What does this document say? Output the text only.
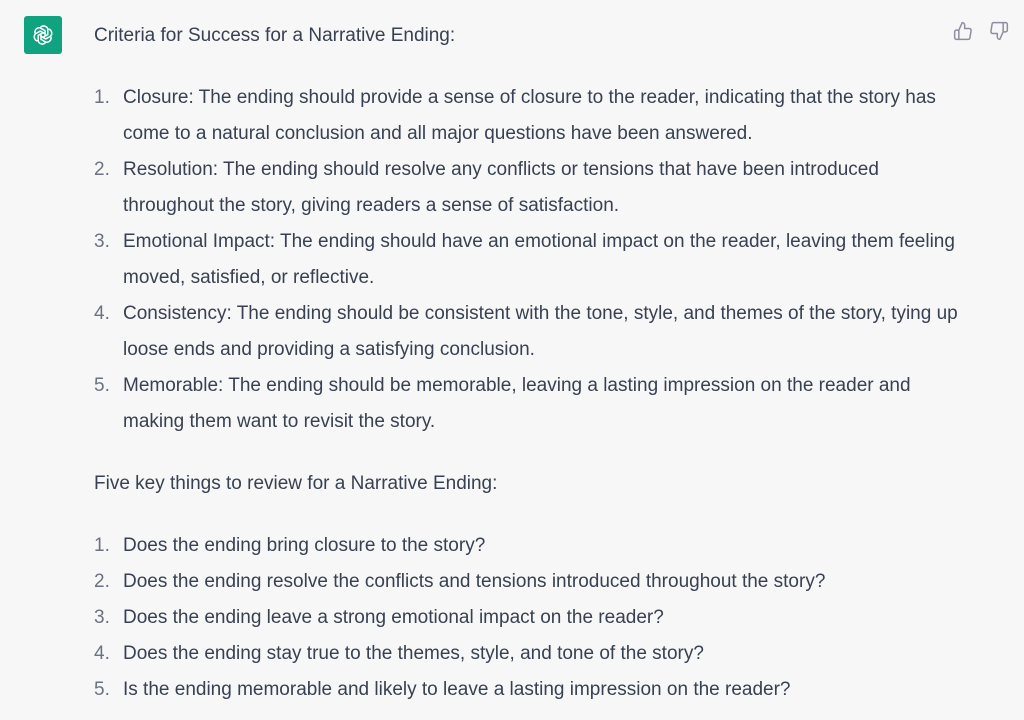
Criteria for Success for a Narrative Ending:

1. Closure: The ending should provide a sense of closure to the reader, indicating that the story has come to a natural conclusion and all major questions have been answered.
2. Resolution: The ending should resolve any conflicts or tensions that have been introduced throughout the story, giving readers a sense of satisfaction.
3. Emotional Impact: The ending should have an emotional impact on the reader, leaving them feeling moved, satisfied, or reflective.
4. Consistency: The ending should be consistent with the tone, style, and themes of the story, tying up loose ends and providing a satisfying conclusion.
5. Memorable: The ending should be memorable, leaving a lasting impression on the reader and making them want to revisit the story.

Five key things to review for a Narrative Ending:

1. Does the ending bring closure to the story?
2. Does the ending resolve the conflicts and tensions introduced throughout the story?
3. Does the ending leave a strong emotional impact on the reader?
4. Does the ending stay true to the themes, style, and tone of the story?
5. Is the ending memorable and likely to leave a lasting impression on the reader?
